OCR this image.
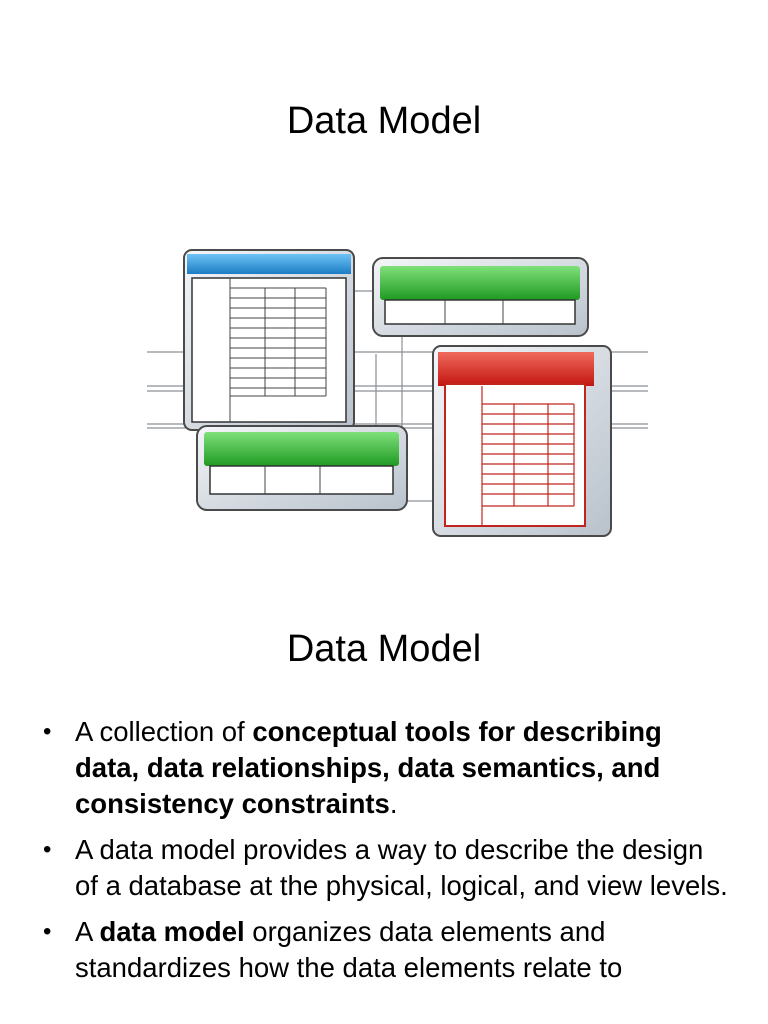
Data Model
Data Model
• A collection of conceptual tools for describing data, data relationships, data semantics, and consistency constraints.
• A data model provides a way to describe the design of a database at the physical, logical, and view levels.
• A data model organizes data elements and standardizes how the data elements relate to
